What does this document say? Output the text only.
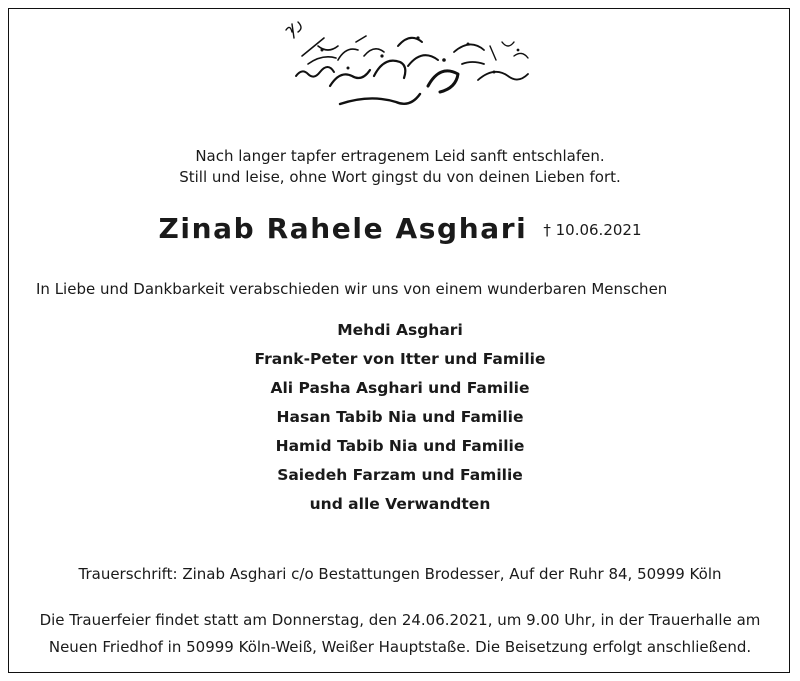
Nach langer tapfer ertragenem Leid sanft entschlafen.
Still und leise, ohne Wort gingst du von deinen Lieben fort.
Zinab Rahele Asghari † 10.06.2021
In Liebe und Dankbarkeit verabschieden wir uns von einem wunderbaren Menschen
Mehdi Asghari
Frank-Peter von Itter und Familie
Ali Pasha Asghari und Familie
Hasan Tabib Nia und Familie
Hamid Tabib Nia und Familie
Saiedeh Farzam und Familie
und alle Verwandten
Trauerschrift: Zinab Asghari c/o Bestattungen Brodesser, Auf der Ruhr 84, 50999 Köln
Die Trauerfeier findet statt am Donnerstag, den 24.06.2021, um 9.00 Uhr, in der Trauerhalle am
Neuen Friedhof in 50999 Köln-Weiß, Weißer Hauptstaße. Die Beisetzung erfolgt anschließend.
